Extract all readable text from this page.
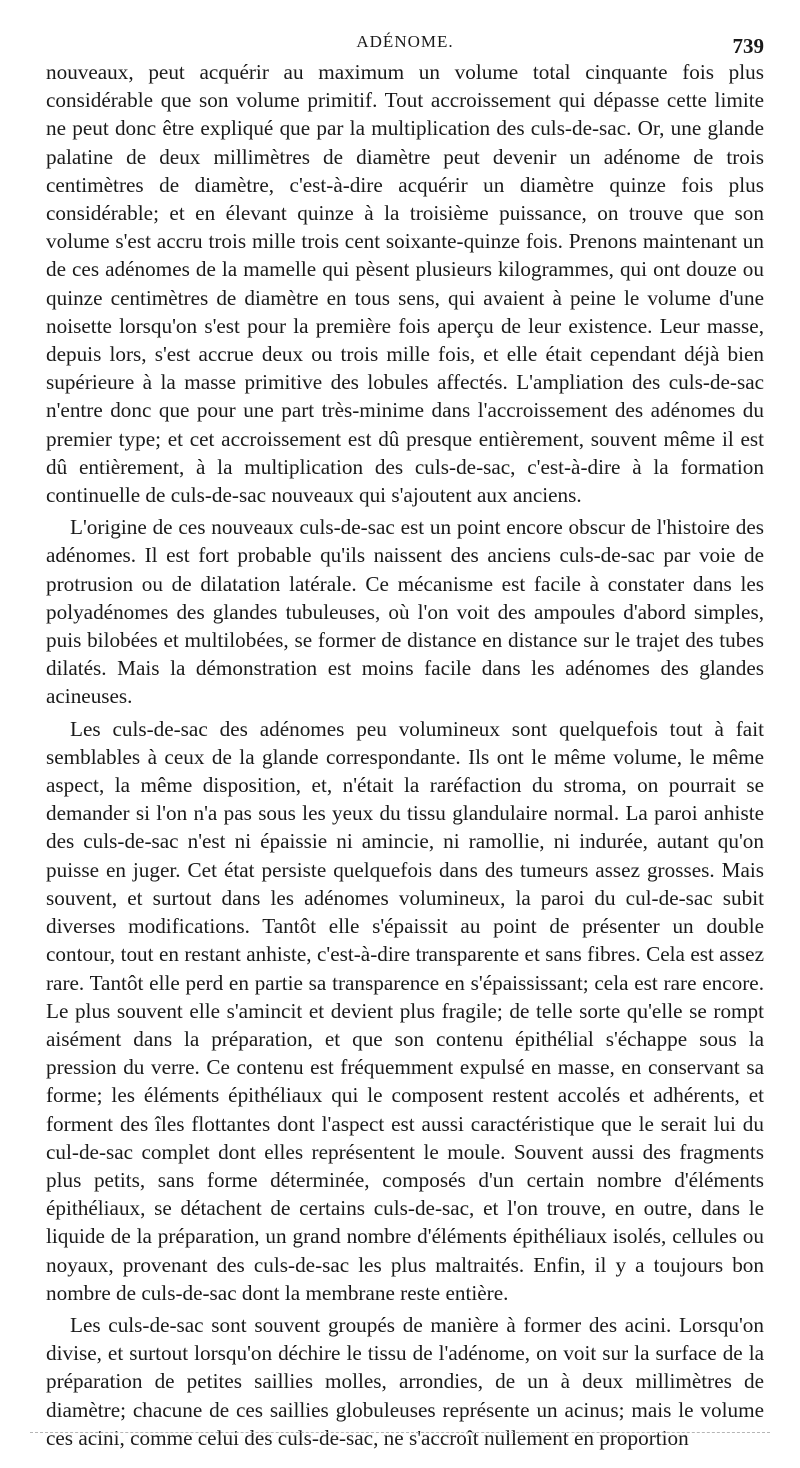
ADÉNOME.	739

nouveaux, peut acquérir au maximum un volume total cinquante fois plus considérable que son volume primitif. Tout accroissement qui dépasse cette limite ne peut donc être expliqué que par la multiplication des culs-de-sac. Or, une glande palatine de deux millimètres de diamètre peut devenir un adénome de trois centimètres de diamètre, c'est-à-dire acquérir un diamètre quinze fois plus considérable; et en élevant quinze à la troisième puissance, on trouve que son volume s'est accru trois mille trois cent soixante-quinze fois. Prenons maintenant un de ces adénomes de la mamelle qui pèsent plusieurs kilogrammes, qui ont douze ou quinze centimètres de diamètre en tous sens, qui avaient à peine le volume d'une noisette lorsqu'on s'est pour la première fois aperçu de leur existence. Leur masse, depuis lors, s'est accrue deux ou trois mille fois, et elle était cependant déjà bien supérieure à la masse primitive des lobules affectés. L'ampliation des culs-de-sac n'entre donc que pour une part très-minime dans l'accroissement des adénomes du premier type; et cet accroissement est dû presque entièrement, souvent même il est dû entièrement, à la multiplication des culs-de-sac, c'est-à-dire à la formation continuelle de culs-de-sac nouveaux qui s'ajoutent aux anciens.

L'origine de ces nouveaux culs-de-sac est un point encore obscur de l'histoire des adénomes. Il est fort probable qu'ils naissent des anciens culs-de-sac par voie de protrusion ou de dilatation latérale. Ce mécanisme est facile à constater dans les polyadénomes des glandes tubuleuses, où l'on voit des ampoules d'abord simples, puis bilobées et multilobées, se former de distance en distance sur le trajet des tubes dilatés. Mais la démonstration est moins facile dans les adénomes des glandes acineuses.

Les culs-de-sac des adénomes peu volumineux sont quelquefois tout à fait semblables à ceux de la glande correspondante. Ils ont le même volume, le même aspect, la même disposition, et, n'était la raréfaction du stroma, on pourrait se demander si l'on n'a pas sous les yeux du tissu glandulaire normal. La paroi anhiste des culs-de-sac n'est ni épaissie ni amincie, ni ramollie, ni indurée, autant qu'on puisse en juger. Cet état persiste quelquefois dans des tumeurs assez grosses. Mais souvent, et surtout dans les adénomes volumineux, la paroi du cul-de-sac subit diverses modifications. Tantôt elle s'épaissit au point de présenter un double contour, tout en restant anhiste, c'est-à-dire transparente et sans fibres. Cela est assez rare. Tantôt elle perd en partie sa transparence en s'épaississant; cela est rare encore. Le plus souvent elle s'amincit et devient plus fragile; de telle sorte qu'elle se rompt aisément dans la préparation, et que son contenu épithélial s'échappe sous la pression du verre. Ce contenu est fréquemment expulsé en masse, en conservant sa forme; les éléments épithéliaux qui le composent restent accolés et adhérents, et forment des îles flottantes dont l'aspect est aussi caractéristique que le serait lui du cul-de-sac complet dont elles représentent le moule. Souvent aussi des fragments plus petits, sans forme déterminée, composés d'un certain nombre d'éléments épithéliaux, se détachent de certains culs-de-sac, et l'on trouve, en outre, dans le liquide de la préparation, un grand nombre d'éléments épithéliaux isolés, cellules ou noyaux, provenant des culs-de-sac les plus maltraités. Enfin, il y a toujours bon nombre de culs-de-sac dont la membrane reste entière.

Les culs-de-sac sont souvent groupés de manière à former des acini. Lorsqu'on divise, et surtout lorsqu'on déchire le tissu de l'adénome, on voit sur la surface de la préparation de petites saillies molles, arrondies, de un à deux millimètres de diamètre; chacune de ces saillies globuleuses représente un acinus; mais le volume ces acini, comme celui des culs-de-sac, ne s'accroît nullement en proportion
